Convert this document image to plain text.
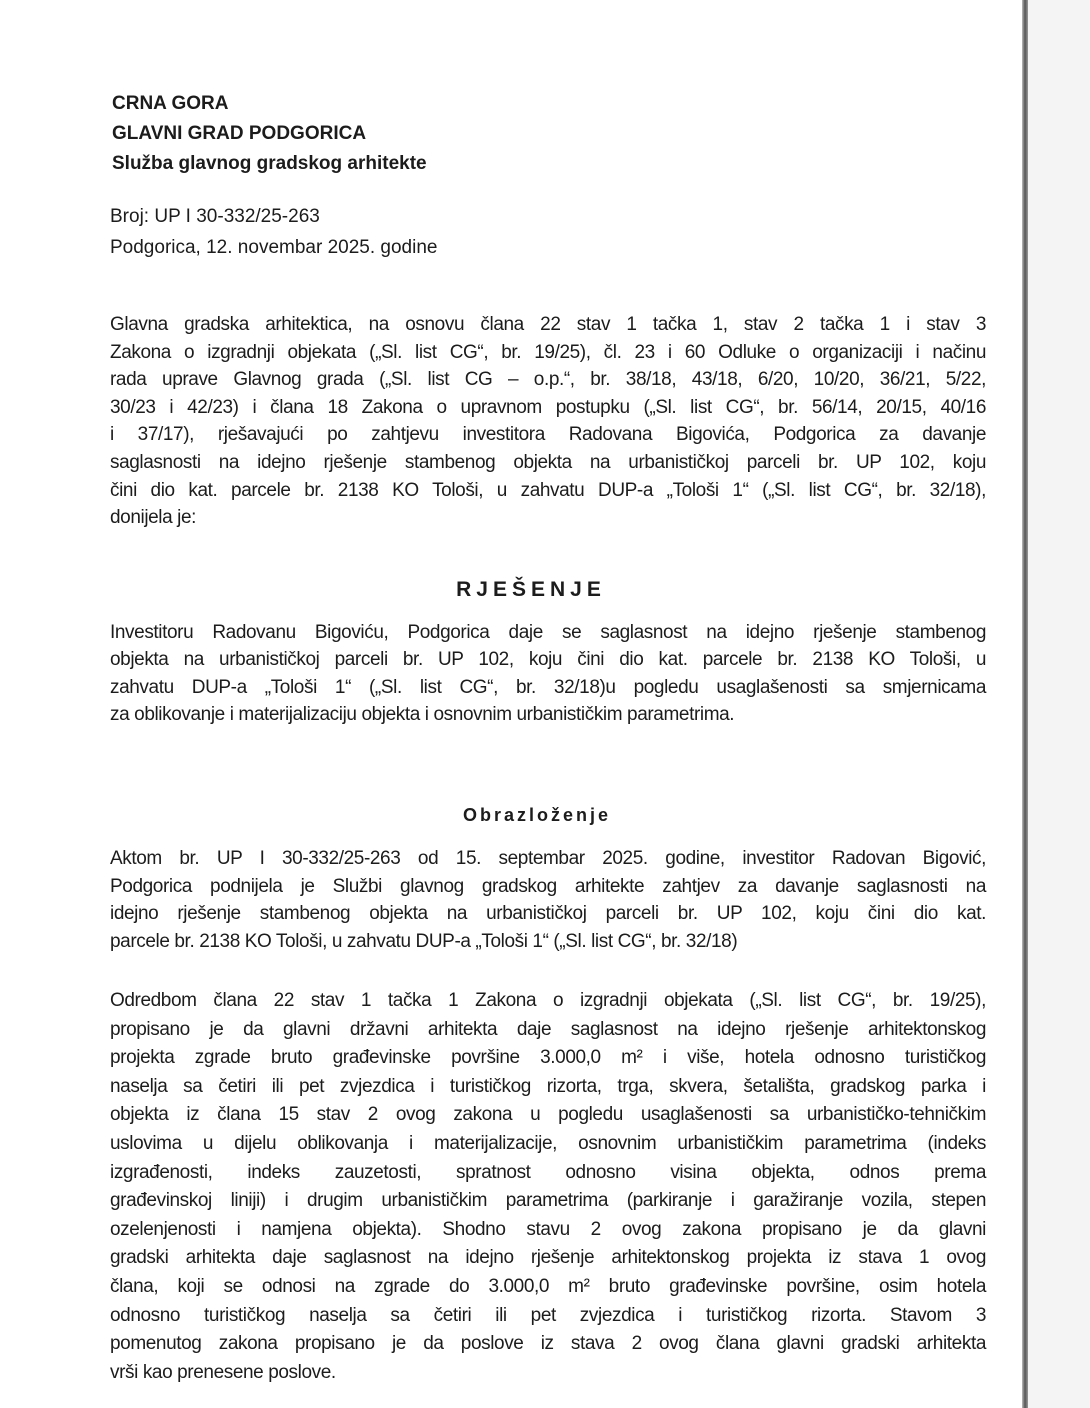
CRNA GORA
GLAVNI GRAD PODGORICA
Služba glavnog gradskog arhitekte
Broj: UP I 30-332/25-263
Podgorica, 12. novembar 2025. godine
Glavna gradska arhitektica, na osnovu člana 22 stav 1 tačka 1, stav 2 tačka 1 i stav 3
Zakona o izgradnji objekata („Sl. list CG“, br. 19/25), čl. 23 i 60 Odluke o organizaciji i načinu
rada uprave Glavnog grada („Sl. list CG – o.p.“, br. 38/18, 43/18, 6/20, 10/20, 36/21, 5/22,
30/23 i 42/23) i člana 18 Zakona o upravnom postupku („Sl. list CG“, br. 56/14, 20/15, 40/16
i 37/17), rješavajući po zahtjevu investitora Radovana Bigovića, Podgorica za davanje
saglasnosti na idejno rješenje stambenog objekta na urbanističkoj parceli br. UP 102, koju
čini dio kat. parcele br. 2138 KO Tološi, u zahvatu DUP-a „Tološi 1“ („Sl. list CG“, br. 32/18),
donijela je:
RJEŠENJE
Investitoru Radovanu Bigoviću, Podgorica daje se saglasnost na idejno rješenje stambenog
objekta na urbanističkoj parceli br. UP 102, koju čini dio kat. parcele br. 2138 KO Tološi, u
zahvatu DUP-a „Tološi 1“ („Sl. list CG“, br. 32/18)u pogledu usaglašenosti sa smjernicama
za oblikovanje i materijalizaciju objekta i osnovnim urbanističkim parametrima.
Obrazloženje
Aktom br. UP I 30-332/25-263 od 15. septembar 2025. godine, investitor Radovan Bigović,
Podgorica podnijela je Službi glavnog gradskog arhitekte zahtjev za davanje saglasnosti na
idejno rješenje stambenog objekta na urbanističkoj parceli br. UP 102, koju čini dio kat.
parcele br. 2138 KO Tološi, u zahvatu DUP-a „Tološi 1“ („Sl. list CG“, br. 32/18)
Odredbom člana 22 stav 1 tačka 1 Zakona o izgradnji objekata („Sl. list CG“, br. 19/25),
propisano je da glavni državni arhitekta daje saglasnost na idejno rješenje arhitektonskog
projekta zgrade bruto građevinske površine 3.000,0 m² i više, hotela odnosno turističkog
naselja sa četiri ili pet zvjezdica i turističkog rizorta, trga, skvera, šetališta, gradskog parka i
objekta iz člana 15 stav 2 ovog zakona u pogledu usaglašenosti sa urbanističko-tehničkim
uslovima u dijelu oblikovanja i materijalizacije, osnovnim urbanističkim parametrima (indeks
izgrađenosti, indeks zauzetosti, spratnost odnosno visina objekta, odnos prema
građevinskoj liniji) i drugim urbanističkim parametrima (parkiranje i garažiranje vozila, stepen
ozelenjenosti i namjena objekta). Shodno stavu 2 ovog zakona propisano je da glavni
gradski arhitekta daje saglasnost na idejno rješenje arhitektonskog projekta iz stava 1 ovog
člana, koji se odnosi na zgrade do 3.000,0 m² bruto građevinske površine, osim hotela
odnosno turističkog naselja sa četiri ili pet zvjezdica i turističkog rizorta. Stavom 3
pomenutog zakona propisano je da poslove iz stava 2 ovog člana glavni gradski arhitekta
vrši kao prenesene poslove.
